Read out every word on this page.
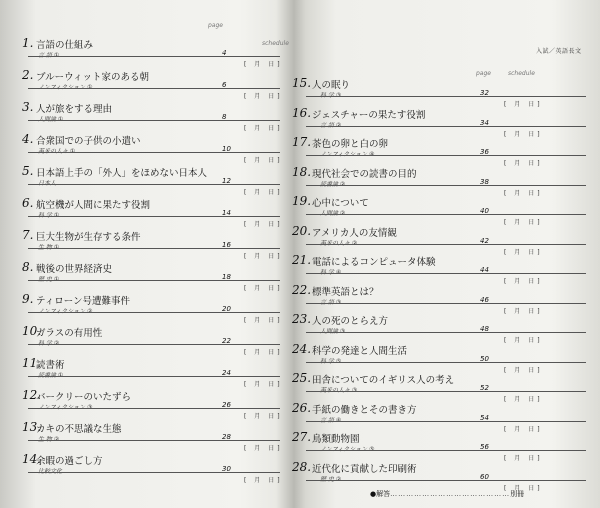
page
schedule
1. 言語の仕組み
言 語 ①	4
[ 月 日]
2. ブルーウィット家のある朝
ノンフィクション ①	6
[ 月 日]
3. 人が旅をする理由
人間論 ①	8
[ 月 日]
4. 合衆国での子供の小遣い
英米の人々 ①	10
[ 月 日]
5. 日本語上手の「外人」をほめない日本人
日本人	12
[ 月 日]
6. 航空機が人間に果たす役割
科 学 ①	14
[ 月 日]
7. 巨大生物が生存する条件
生 物 ①	16
[ 月 日]
8. 戦後の世界経済史
歴 史 ①	18
[ 月 日]
9. ティローン号遭難事件
ノンフィクション ②	20
[ 月 日]
10.
ガラスの有用性
科 学 ②	22
[ 月 日]
11.
読書術
読書論 ①	24
[ 月 日]
12.
バークリーのいたずら
ノンフィクション ③	26
[ 月 日]
13.
カキの不思議な生態
生 物 ②	28
[ 月 日]
14.
余暇の過ごし方
比較文化	30
[ 月 日]
入試／英語長文
page	schedule
15. 人の眠り
科 学 ③	32
[ 月 日]
16. ジェスチャーの果たす役割
言 語 ②	34
[ 月 日]
17. 茶色の卵と白の卵
ノンフィクション ④	36
[ 月 日]
18. 現代社会での読書の目的
読書論 ②	38
[ 月 日]
19. 心中について
人間論 ②	40
[ 月 日]
20. アメリカ人の友情観
英米の人々 ②	42
[ 月 日]
21. 電話によるコンピュータ体験
科 学 ④	44
[ 月 日]
22. 標準英語とは？
言 語 ③	46
[ 月 日]
23. 人の死のとらえ方
人間論 ③	48
[ 月 日]
24. 科学の発達と人間生活
科 学 ⑤	50
[ 月 日]
25. 田舎についてのイギリス人の考え
英米の人々 ③	52
[ 月 日]
26. 手紙の働きとその書き方
言 語 ④	54
[ 月 日]
27. 鳥類動物園
ノンフィクション ⑤	56
[ 月 日]
28. 近代化に貢献した印刷術
歴 史 ②	60
[ 月 日]
●解答………………………………………別冊
